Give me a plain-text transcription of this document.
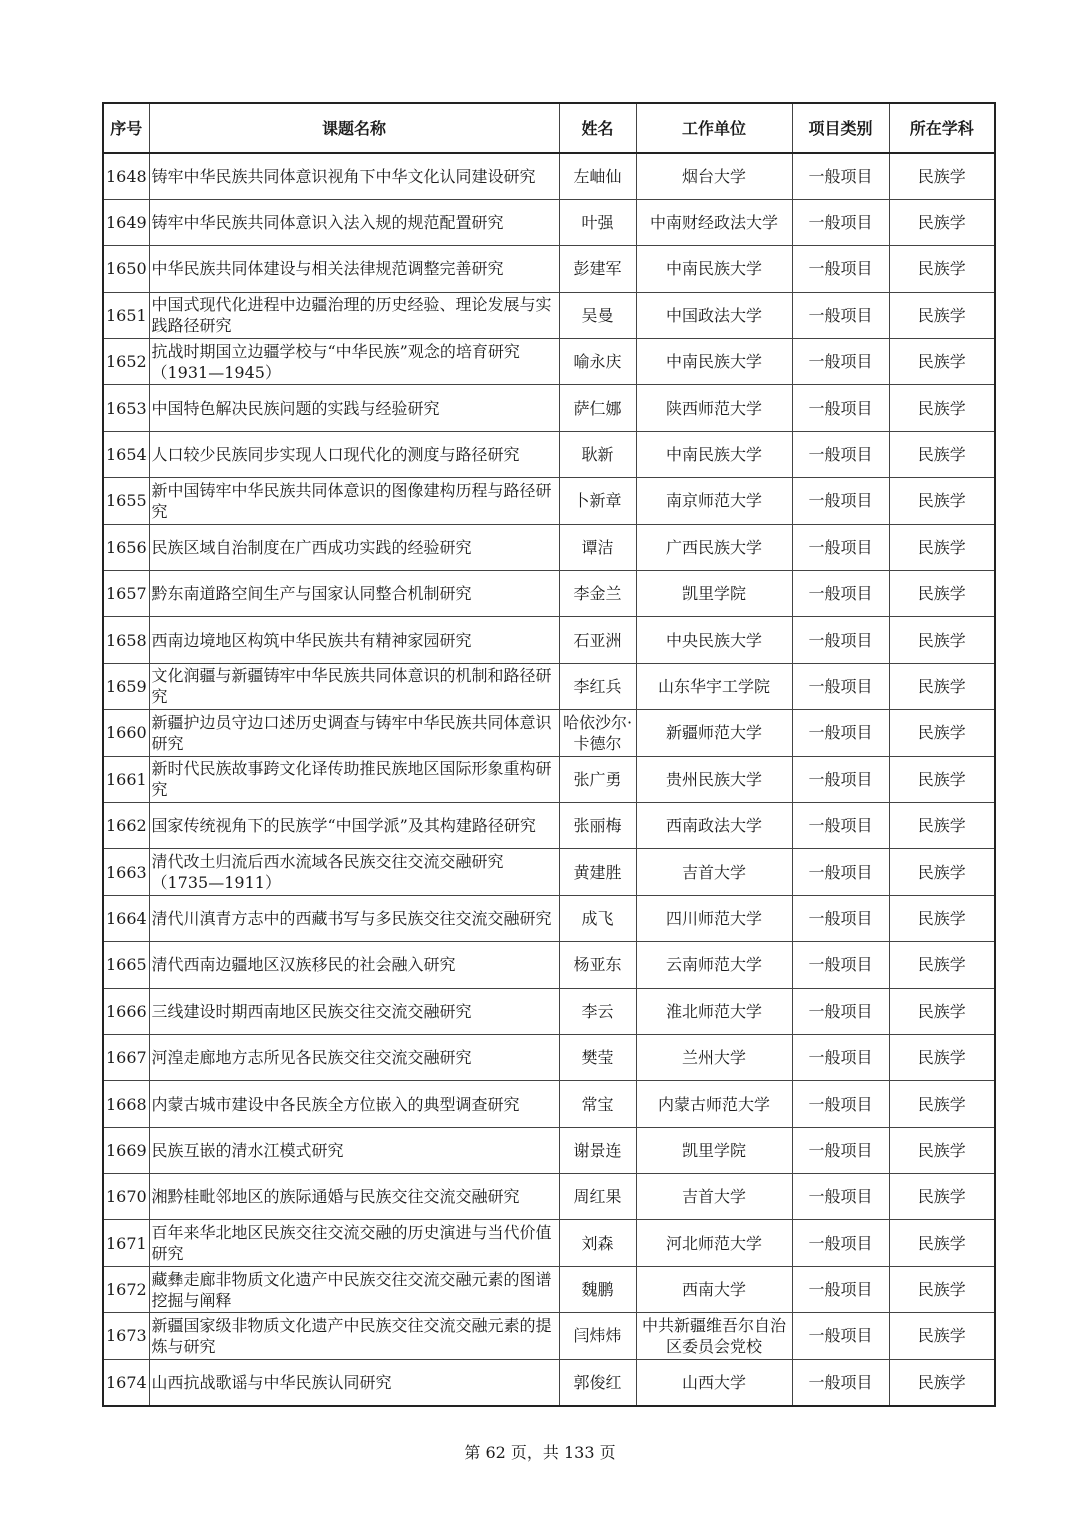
序号	课题名称	姓名	工作单位	项目类别	所在学科
1648	铸牢中华民族共同体意识视角下中华文化认同建设研究	左岫仙	烟台大学	一般项目	民族学
1649	铸牢中华民族共同体意识入法入规的规范配置研究	叶强	中南财经政法大学	一般项目	民族学
1650	中华民族共同体建设与相关法律规范调整完善研究	彭建军	中南民族大学	一般项目	民族学
1651	中国式现代化进程中边疆治理的历史经验、理论发展与实践路径研究	吴曼	中国政法大学	一般项目	民族学
1652	抗战时期国立边疆学校与“中华民族”观念的培育研究（1931—1945）	喻永庆	中南民族大学	一般项目	民族学
1653	中国特色解决民族问题的实践与经验研究	萨仁娜	陕西师范大学	一般项目	民族学
1654	人口较少民族同步实现人口现代化的测度与路径研究	耿新	中南民族大学	一般项目	民族学
1655	新中国铸牢中华民族共同体意识的图像建构历程与路径研究	卜新章	南京师范大学	一般项目	民族学
1656	民族区域自治制度在广西成功实践的经验研究	谭洁	广西民族大学	一般项目	民族学
1657	黔东南道路空间生产与国家认同整合机制研究	李金兰	凯里学院	一般项目	民族学
1658	西南边境地区构筑中华民族共有精神家园研究	石亚洲	中央民族大学	一般项目	民族学
1659	文化润疆与新疆铸牢中华民族共同体意识的机制和路径研究	李红兵	山东华宇工学院	一般项目	民族学
1660	新疆护边员守边口述历史调查与铸牢中华民族共同体意识研究	哈依沙尔·卡德尔	新疆师范大学	一般项目	民族学
1661	新时代民族故事跨文化译传助推民族地区国际形象重构研究	张广勇	贵州民族大学	一般项目	民族学
1662	国家传统视角下的民族学“中国学派”及其构建路径研究	张丽梅	西南政法大学	一般项目	民族学
1663	清代改土归流后西水流域各民族交往交流交融研究（1735—1911）	黄建胜	吉首大学	一般项目	民族学
1664	清代川滇青方志中的西藏书写与多民族交往交流交融研究	成飞	四川师范大学	一般项目	民族学
1665	清代西南边疆地区汉族移民的社会融入研究	杨亚东	云南师范大学	一般项目	民族学
1666	三线建设时期西南地区民族交往交流交融研究	李云	淮北师范大学	一般项目	民族学
1667	河湟走廊地方志所见各民族交往交流交融研究	樊莹	兰州大学	一般项目	民族学
1668	内蒙古城市建设中各民族全方位嵌入的典型调查研究	常宝	内蒙古师范大学	一般项目	民族学
1669	民族互嵌的清水江模式研究	谢景连	凯里学院	一般项目	民族学
1670	湘黔桂毗邻地区的族际通婚与民族交往交流交融研究	周红果	吉首大学	一般项目	民族学
1671	百年来华北地区民族交往交流交融的历史演进与当代价值研究	刘森	河北师范大学	一般项目	民族学
1672	藏彝走廊非物质文化遗产中民族交往交流交融元素的图谱挖掘与阐释	魏鹏	西南大学	一般项目	民族学
1673	新疆国家级非物质文化遗产中民族交往交流交融元素的提炼与研究	闫炜炜	中共新疆维吾尔自治区委员会党校	一般项目	民族学
1674	山西抗战歌谣与中华民族认同研究	郭俊红	山西大学	一般项目	民族学
第 62 页，共 133 页
